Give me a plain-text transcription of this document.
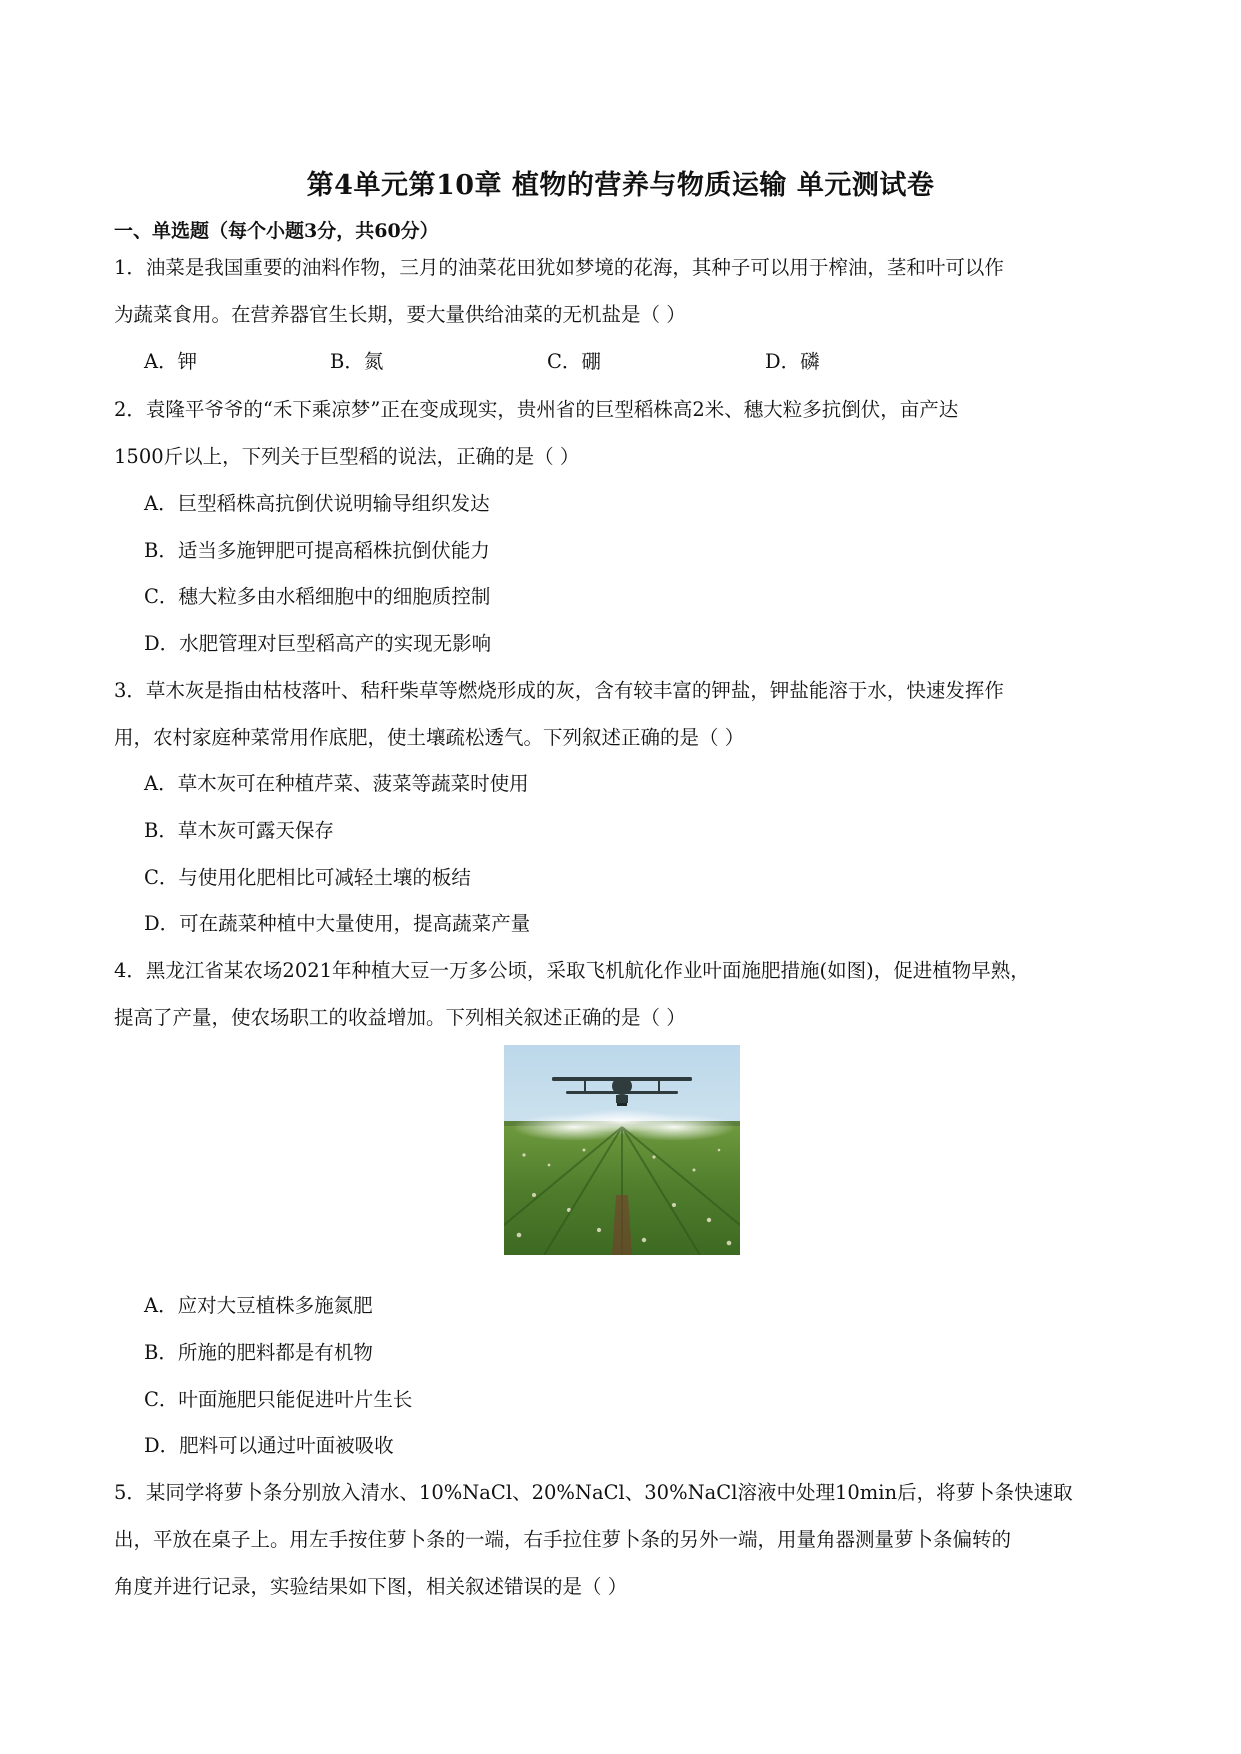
第4单元第10章 植物的营养与物质运输 单元测试卷
一、单选题（每个小题3分，共60分）
1．油菜是我国重要的油料作物，三月的油菜花田犹如梦境的花海，其种子可以用于榨油，茎和叶可以作
为蔬菜食用。在营养器官生长期，要大量供给油菜的无机盐是（ ）
A．钾	B．氮	C．硼	D．磷
2．袁隆平爷爷的“禾下乘凉梦”正在变成现实，贵州省的巨型稻株高2米、穗大粒多抗倒伏，亩产达
1500斤以上，下列关于巨型稻的说法，正确的是（ ）
A．巨型稻株高抗倒伏说明输导组织发达
B．适当多施钾肥可提高稻株抗倒伏能力
C．穗大粒多由水稻细胞中的细胞质控制
D．水肥管理对巨型稻高产的实现无影响
3．草木灰是指由枯枝落叶、秸秆柴草等燃烧形成的灰，含有较丰富的钾盐，钾盐能溶于水，快速发挥作
用，农村家庭种菜常用作底肥，使土壤疏松透气。下列叙述正确的是（ ）
A．草木灰可在种植芹菜、菠菜等蔬菜时使用
B．草木灰可露天保存
C．与使用化肥相比可减轻土壤的板结
D．可在蔬菜种植中大量使用，提高蔬菜产量
4．黑龙江省某农场2021年种植大豆一万多公顷，采取飞机航化作业叶面施肥措施(如图)，促进植物早熟，
提高了产量，使农场职工的收益增加。下列相关叙述正确的是（ ）
A．应对大豆植株多施氮肥
B．所施的肥料都是有机物
C．叶面施肥只能促进叶片生长
D．肥料可以通过叶面被吸收
5．某同学将萝卜条分别放入清水、10%NaCl、20%NaCl、30%NaCl溶液中处理10min后，将萝卜条快速取
出，平放在桌子上。用左手按住萝卜条的一端，右手拉住萝卜条的另外一端，用量角器测量萝卜条偏转的
角度并进行记录，实验结果如下图，相关叙述错误的是（ ）
